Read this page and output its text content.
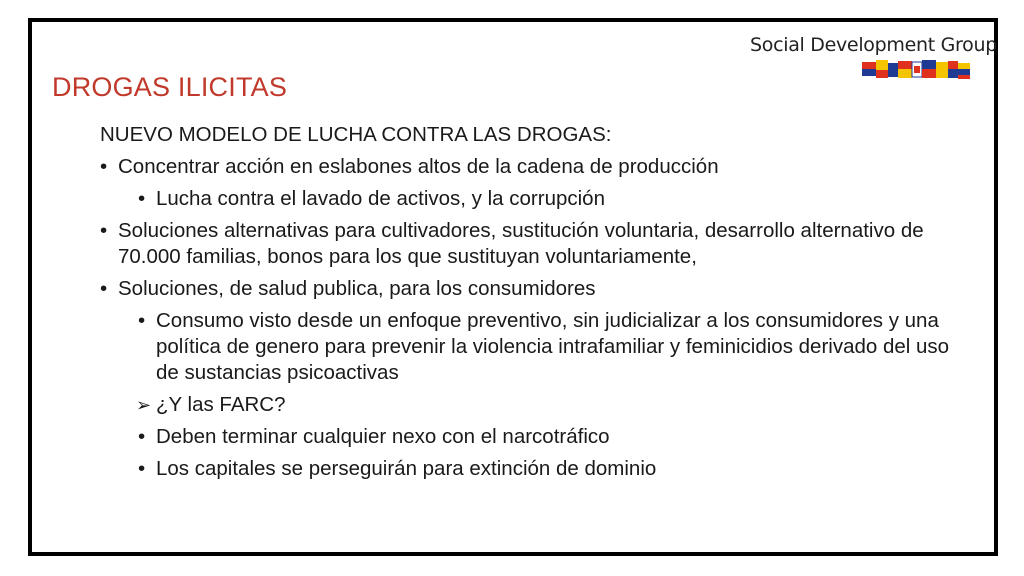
Social Development Group
DROGAS ILICITAS
NUEVO MODELO DE LUCHA CONTRA LAS DROGAS:
• Concentrar acción en eslabones altos de la cadena de producción
• Lucha contra el lavado de activos, y la corrupción
• Soluciones alternativas para cultivadores, sustitución voluntaria, desarrollo alternativo de 70.000 familias, bonos para los que sustituyan voluntariamente,
• Soluciones, de salud publica, para los consumidores
• Consumo visto desde un enfoque preventivo, sin judicializar a los consumidores y una política de genero para prevenir la violencia intrafamiliar y feminicidios derivado del uso de sustancias psicoactivas
➢ ¿Y las FARC?
• Deben terminar cualquier nexo con el narcotráfico
• Los capitales se perseguirán para extinción de dominio
